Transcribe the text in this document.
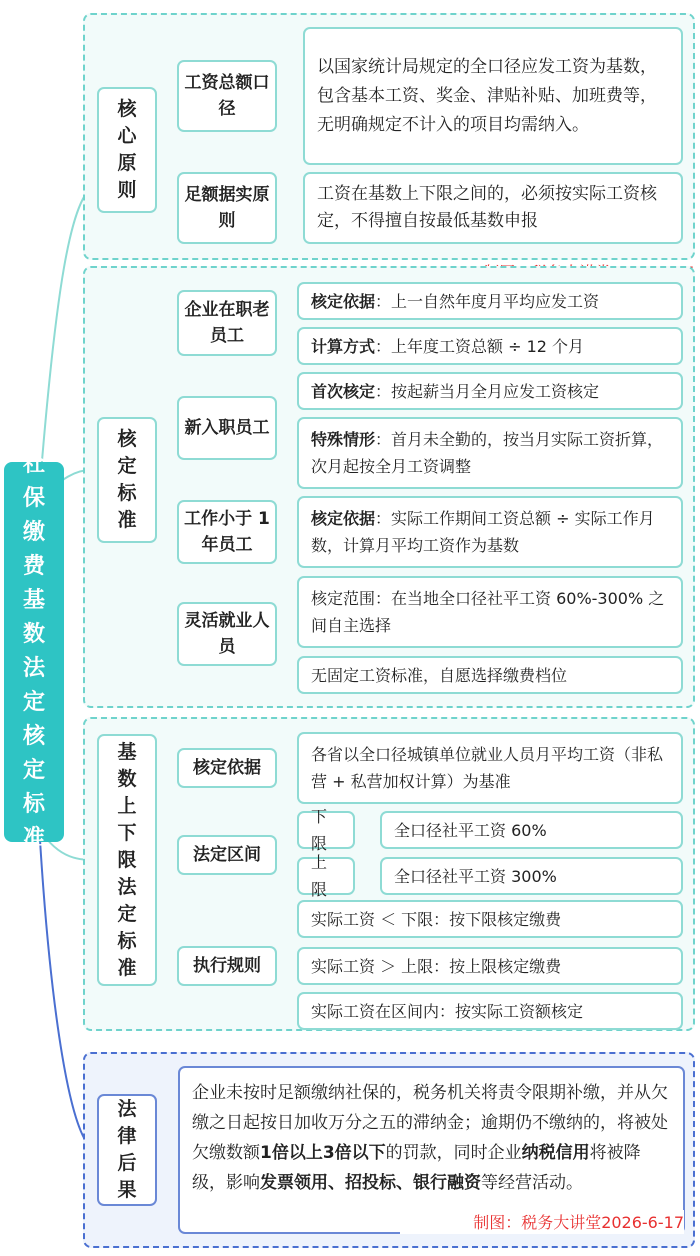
社保缴费基数法定核定标准
核心原则
工资总额口径
以国家统计局规定的全口径应发工资为基数，包含基本工资、奖金、津贴补贴、加班费等，无明确规定不计入的项目均需纳入。
足额据实原则
工资在基数上下限之间的，必须按实际工资核定，不得擅自按最低基数申报
核定标准
企业在职老员工
核定依据：上一自然年度月平均应发工资
计算方式：上年度工资总额 ÷ 12 个月
新入职员工
首次核定：按起薪当月全月应发工资核定
特殊情形：首月未全勤的，按当月实际工资折算，次月起按全月工资调整
工作小于 1 年员工
核定依据：实际工作期间工资总额 ÷ 实际工作月数，计算月平均工资作为基数
灵活就业人员
核定范围：在当地全口径社平工资 60%-300% 之间自主选择
无固定工资标准，自愿选择缴费档位
基数上下限法定标准
核定依据
各省以全口径城镇单位就业人员月平均工资（非私营 + 私营加权计算）为基准
法定区间
下限
全口径社平工资 60%
上限
全口径社平工资 300%
执行规则
实际工资 ＜ 下限：按下限核定缴费
实际工资 ＞ 上限：按上限核定缴费
实际工资在区间内：按实际工资额核定
法律后果
企业未按时足额缴纳社保的，税务机关将责令限期补缴，并从欠缴之日起按日加收万分之五的滞纳金；逾期仍不缴纳的，将被处欠缴数额1倍以上3倍以下的罚款，同时企业纳税信用将被降级，影响发票领用、招投标、银行融资等经营活动。
制图：税务大讲堂2026-6-17
